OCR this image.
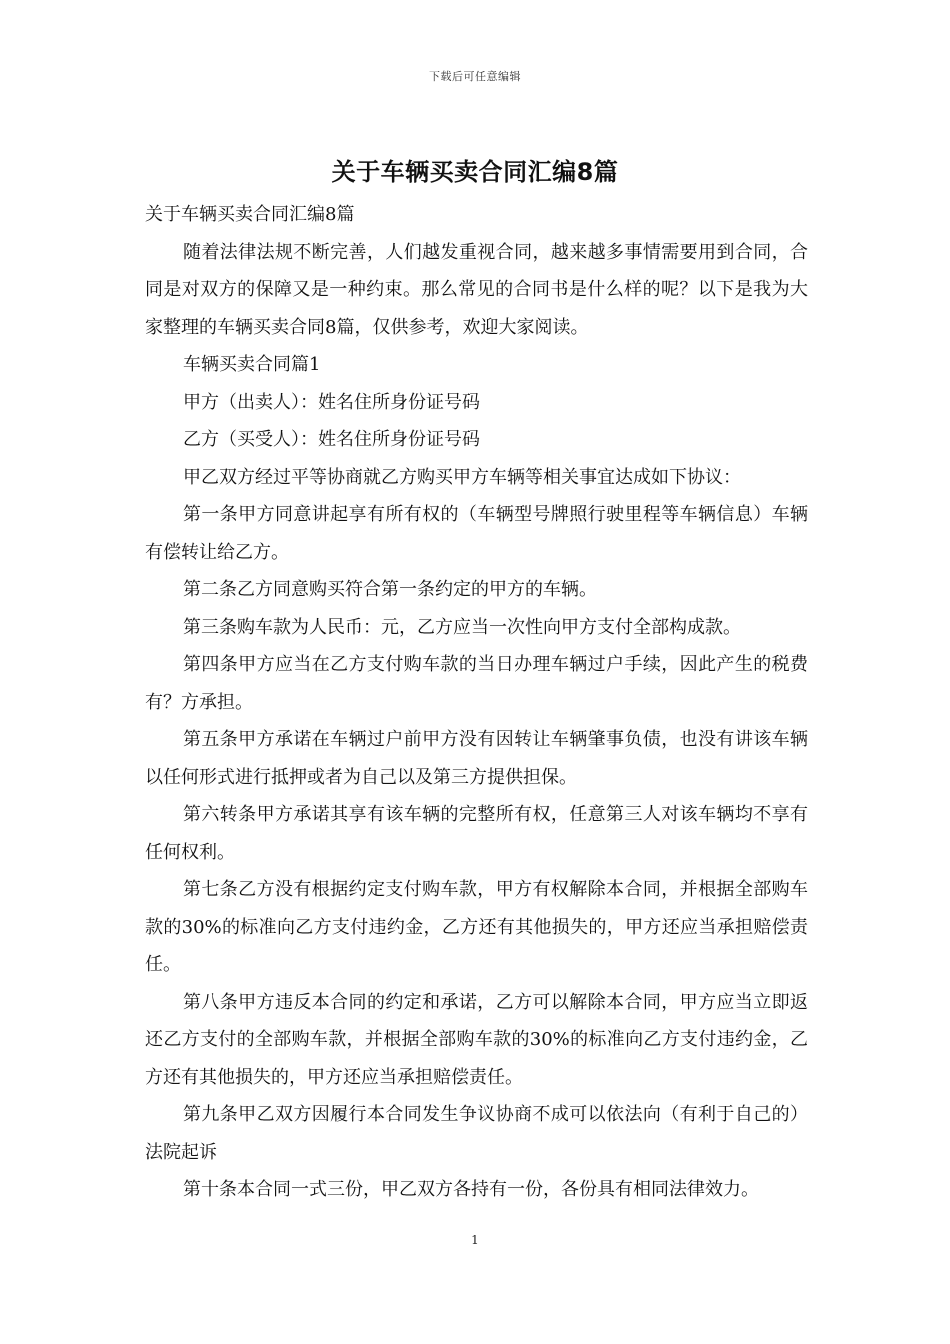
下载后可任意编辑
关于车辆买卖合同汇编8篇

关于车辆买卖合同汇编8篇

随着法律法规不断完善，人们越发重视合同，越来越多事情需要用到合同，合同是对双方的保障又是一种约束。那么常见的合同书是什么样的呢？以下是我为大家整理的车辆买卖合同8篇，仅供参考，欢迎大家阅读。

车辆买卖合同篇1

甲方（出卖人）：姓名住所身份证号码

乙方（买受人）：姓名住所身份证号码

甲乙双方经过平等协商就乙方购买甲方车辆等相关事宜达成如下协议：

第一条甲方同意讲起享有所有权的（车辆型号牌照行驶里程等车辆信息）车辆有偿转让给乙方。

第二条乙方同意购买符合第一条约定的甲方的车辆。

第三条购车款为人民币：元，乙方应当一次性向甲方支付全部构成款。

第四条甲方应当在乙方支付购车款的当日办理车辆过户手续，因此产生的税费有？方承担。

第五条甲方承诺在车辆过户前甲方没有因转让车辆肇事负债，也没有讲该车辆以任何形式进行抵押或者为自己以及第三方提供担保。

第六转条甲方承诺其享有该车辆的完整所有权，任意第三人对该车辆均不享有任何权利。

第七条乙方没有根据约定支付购车款，甲方有权解除本合同，并根据全部购车款的30%的标准向乙方支付违约金，乙方还有其他损失的，甲方还应当承担赔偿责任。

第八条甲方违反本合同的约定和承诺，乙方可以解除本合同，甲方应当立即返还乙方支付的全部购车款，并根据全部购车款的30%的标准向乙方支付违约金，乙方还有其他损失的，甲方还应当承担赔偿责任。

第九条甲乙双方因履行本合同发生争议协商不成可以依法向（有利于自己的）法院起诉

第十条本合同一式三份，甲乙双方各持有一份，各份具有相同法律效力。

1
